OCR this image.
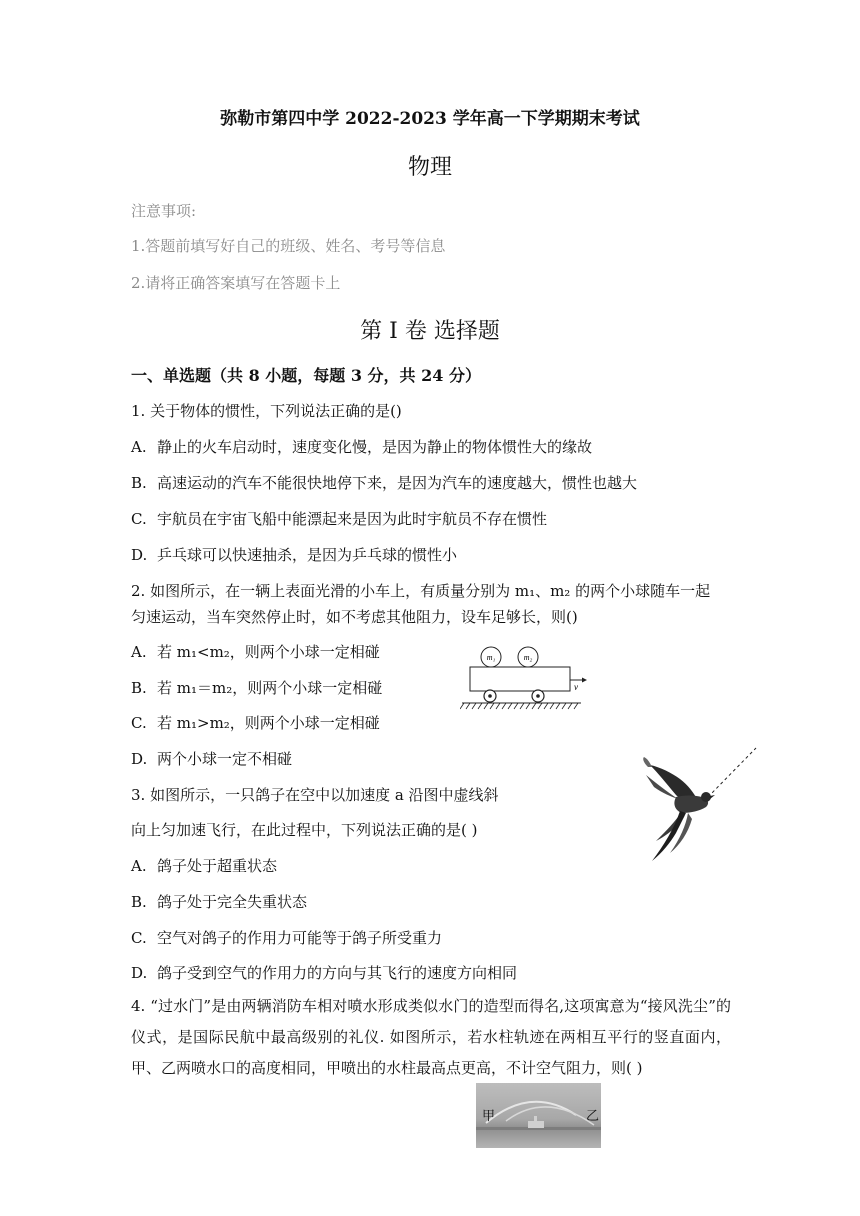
弥勒市第四中学 2022-2023 学年高一下学期期末考试
物理
注意事项:
1.答题前填写好自己的班级、姓名、考号等信息
2.请将正确答案填写在答题卡上
第 I 卷 选择题
一、单选题（共 8 小题，每题 3 分，共 24 分）
1. 关于物体的惯性，下列说法正确的是()
A. 静止的火车启动时，速度变化慢，是因为静止的物体惯性大的缘故
B. 高速运动的汽车不能很快地停下来，是因为汽车的速度越大，惯性也越大
C. 宇航员在宇宙飞船中能漂起来是因为此时宇航员不存在惯性
D. 乒乓球可以快速抽杀，是因为乒乓球的惯性小
2. 如图所示，在一辆上表面光滑的小车上，有质量分别为 m₁、m₂ 的两个小球随车一起
匀速运动，当车突然停止时，如不考虑其他阻力，设车足够长，则()
A. 若 m₁<m₂，则两个小球一定相碰
B. 若 m₁＝m₂，则两个小球一定相碰
C. 若 m₁>m₂，则两个小球一定相碰
D. 两个小球一定不相碰
m₁	m₂
v
3. 如图所示，一只鸽子在空中以加速度 a 沿图中虚线斜
向上匀加速飞行，在此过程中，下列说法正确的是( )
A. 鸽子处于超重状态
B. 鸽子处于完全失重状态
C. 空气对鸽子的作用力可能等于鸽子所受重力
D. 鸽子受到空气的作用力的方向与其飞行的速度方向相同
4. “过水门”是由两辆消防车相对喷水形成类似水门的造型而得名,这项寓意为“接风洗尘”的仪式，是国际民航中最高级别的礼仪. 如图所示，若水柱轨迹在两相互平行的竖直面内，甲、乙两喷水口的高度相同，甲喷出的水柱最高点更高，不计空气阻力，则( )
甲	乙
